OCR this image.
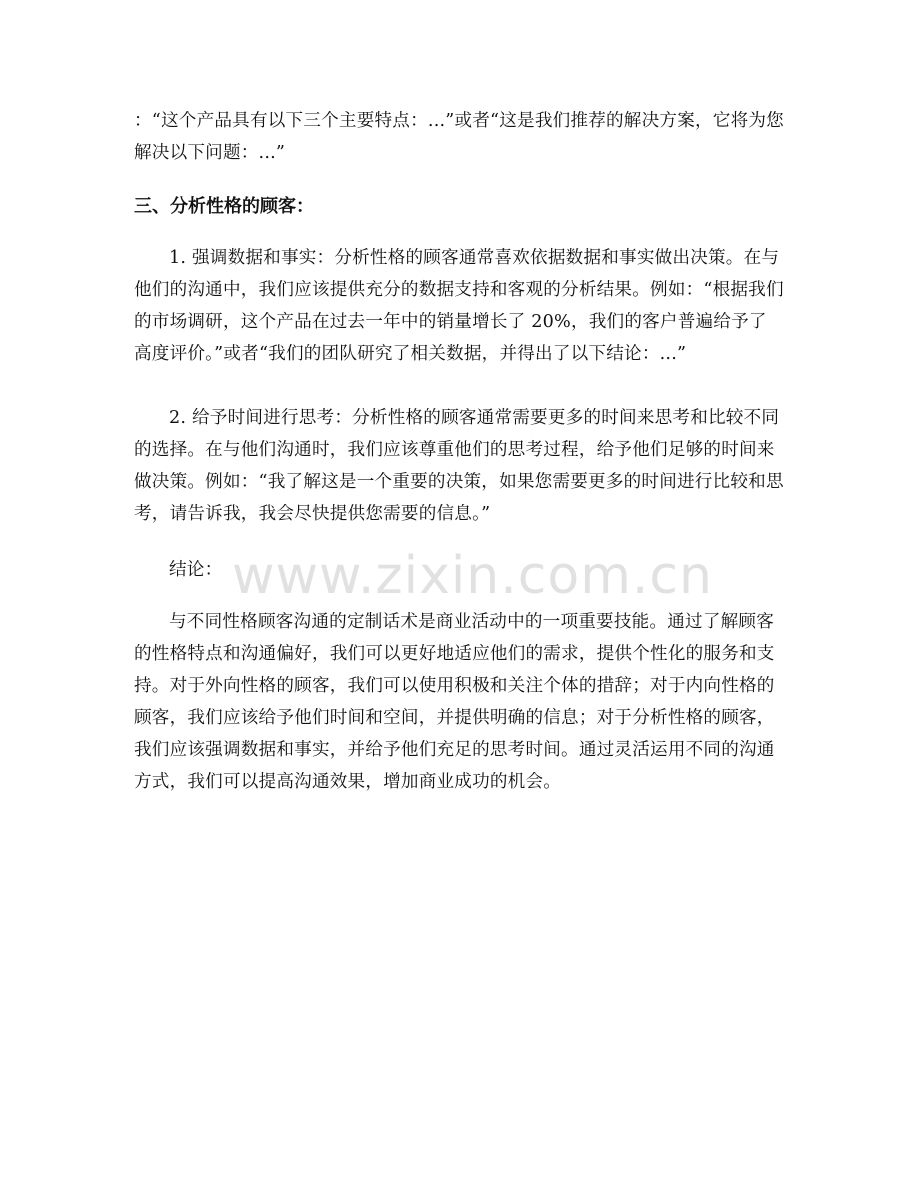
：“这个产品具有以下三个主要特点：...”或者“这是我们推荐的解决方案，它将为您解决以下问题：...”

三、分析性格的顾客：

1. 强调数据和事实：分析性格的顾客通常喜欢依据数据和事实做出决策。在与他们的沟通中，我们应该提供充分的数据支持和客观的分析结果。例如：“根据我们的市场调研，这个产品在过去一年中的销量增长了 20%，我们的客户普遍给予了高度评价。”或者“我们的团队研究了相关数据，并得出了以下结论：...”

2. 给予时间进行思考：分析性格的顾客通常需要更多的时间来思考和比较不同的选择。在与他们沟通时，我们应该尊重他们的思考过程，给予他们足够的时间来做决策。例如：“我了解这是一个重要的决策，如果您需要更多的时间进行比较和思考，请告诉我，我会尽快提供您需要的信息。”

结论：

与不同性格顾客沟通的定制话术是商业活动中的一项重要技能。通过了解顾客的性格特点和沟通偏好，我们可以更好地适应他们的需求，提供个性化的服务和支持。对于外向性格的顾客，我们可以使用积极和关注个体的措辞；对于内向性格的顾客，我们应该给予他们时间和空间，并提供明确的信息；对于分析性格的顾客，我们应该强调数据和事实，并给予他们充足的思考时间。通过灵活运用不同的沟通方式，我们可以提高沟通效果，增加商业成功的机会。

www.zixin.com.cn
